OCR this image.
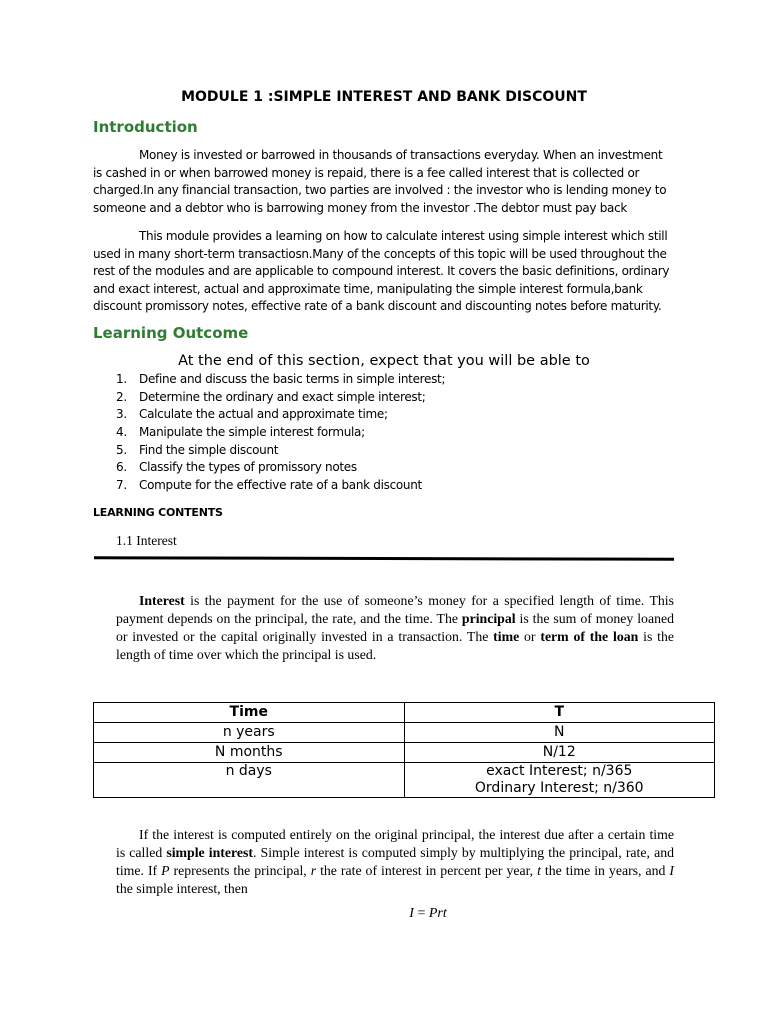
MODULE 1 :SIMPLE INTEREST AND BANK DISCOUNT
Introduction

Money is invested or barrowed in thousands of transactions everyday. When an investment is cashed in or when barrowed money is repaid, there is a fee called interest that is collected or charged.In any financial transaction, two parties are involved : the investor who is lending money to someone and a debtor who is barrowing money from the investor .The debtor must pay back

This module provides a learning on how to calculate interest using simple interest which still used in many short-term transactiosn.Many of the concepts of this topic will be used throughout the rest of the modules and are applicable to compound interest. It covers the basic definitions, ordinary and exact interest, actual and approximate time, manipulating the simple interest formula,bank discount promissory notes, effective rate of a bank discount and discounting notes before maturity.

Learning Outcome
At the end of this section, expect that you will be able to
1. Define and discuss the basic terms in simple interest;
2. Determine the ordinary and exact simple interest;
3. Calculate the actual and approximate time;
4. Manipulate the simple interest formula;
5. Find the simple discount
6. Classify the types of promissory notes
7. Compute for the effective rate of a bank discount
LEARNING CONTENTS
1.1 Interest

Interest is the payment for the use of someone’s money for a specified length of time. This payment depends on the principal, the rate, and the time. The principal is the sum of money loaned or invested or the capital originally invested in a transaction. The time or term of the loan is the length of time over which the principal is used.

Time	T
n years	N
N months	N/12
n days	exact Interest; n/365
Ordinary Interest; n/360

If the interest is computed entirely on the original principal, the interest due after a certain time is called simple interest. Simple interest is computed simply by multiplying the principal, rate, and time. If P represents the principal, r the rate of interest in percent per year, t the time in years, and I the simple interest, then

I = Prt
